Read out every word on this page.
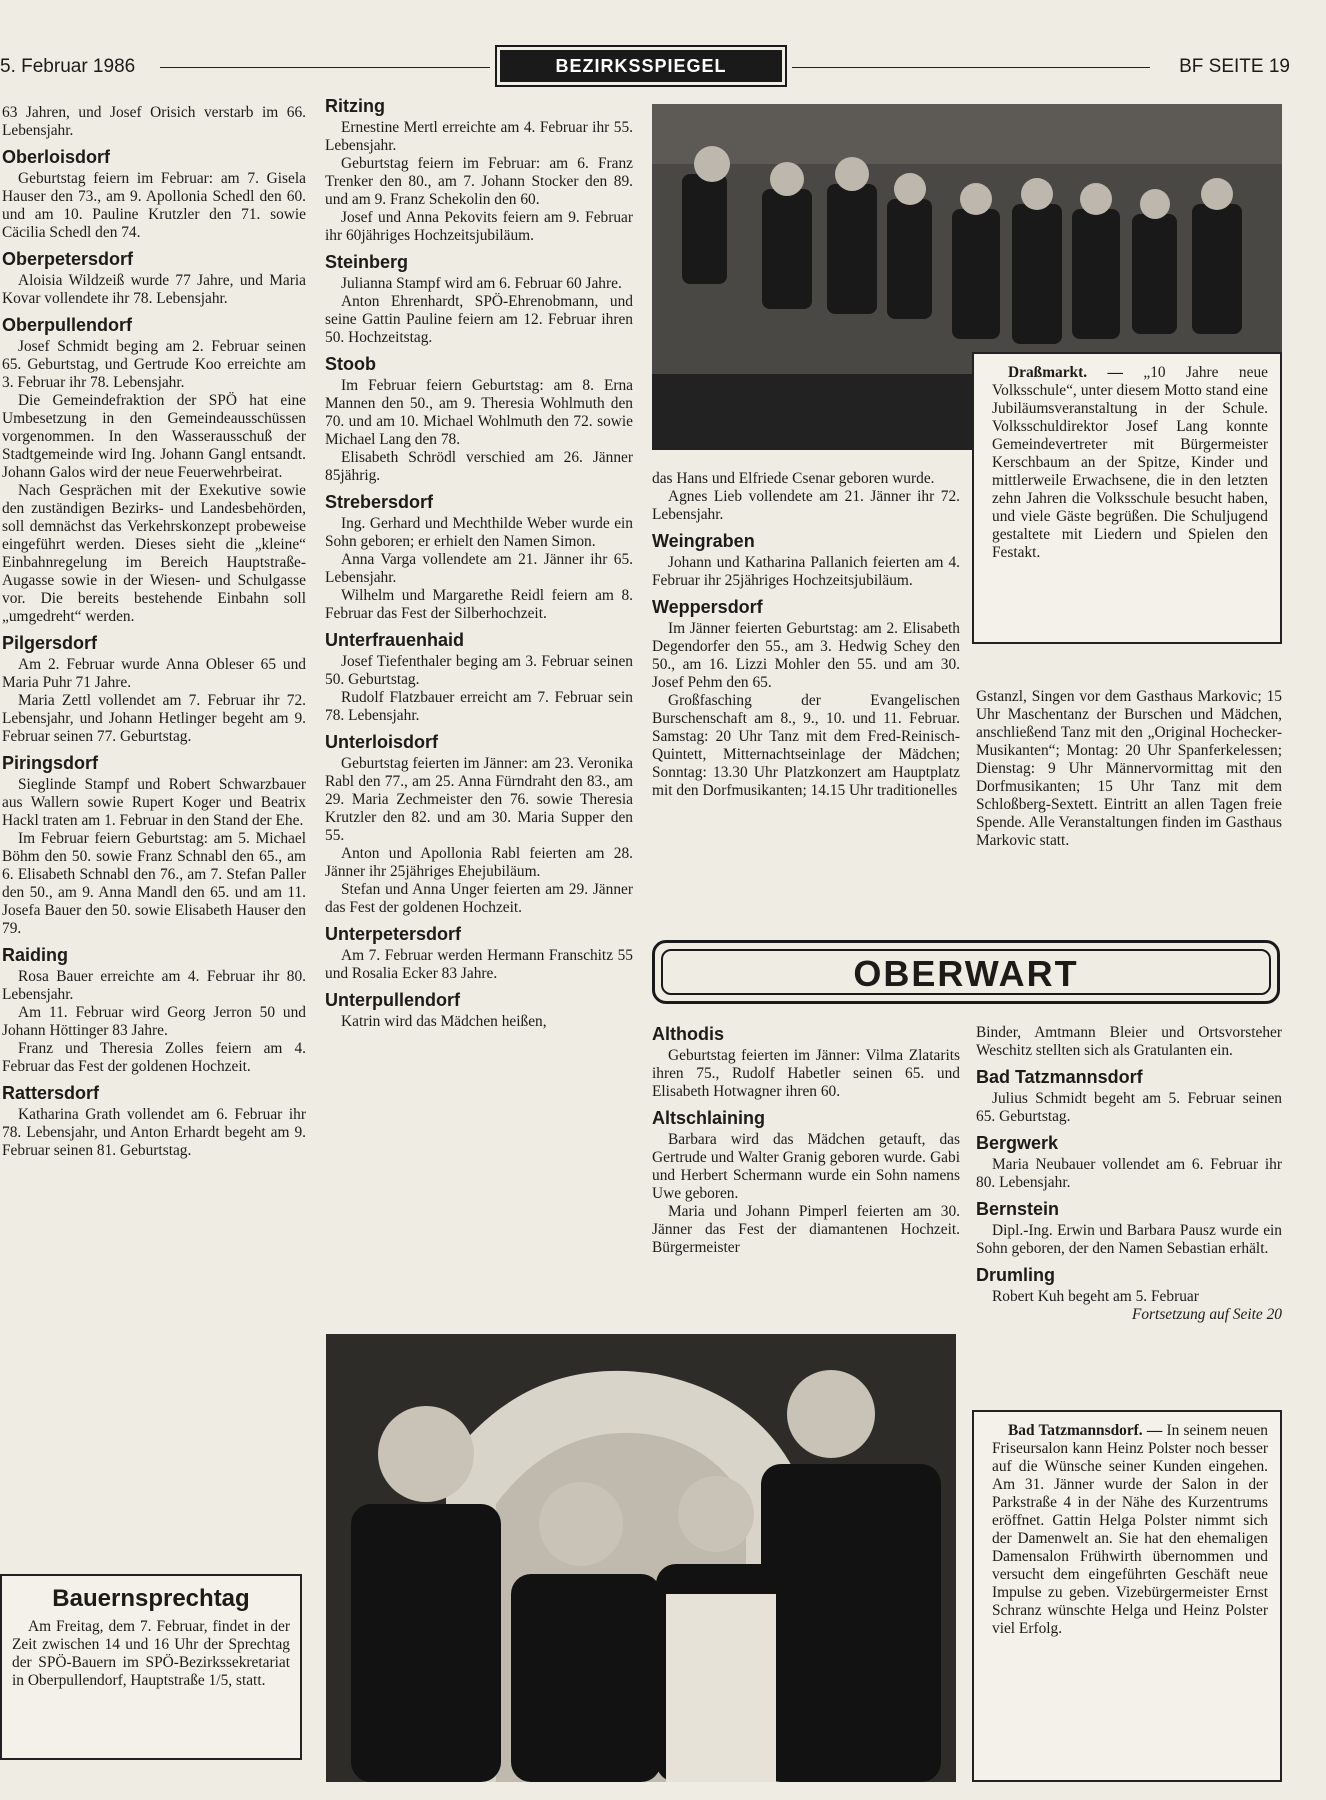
5. Februar 1986	BEZIRKSSPIEGEL	BF SEITE 19

63 Jahren, und Josef Orisich verstarb im 66. Lebensjahr.

Oberloisdorf

Geburtstag feiern im Februar: am 7. Gisela Hauser den 73., am 9. Apollonia Schedl den 60. und am 10. Pauline Krutzler den 71. sowie Cäcilia Schedl den 74.

Oberpetersdorf

Aloisia Wildzeiß wurde 77 Jahre, und Maria Kovar vollendete ihr 78. Lebensjahr.

Oberpullendorf

Josef Schmidt beging am 2. Februar seinen 65. Geburtstag, und Gertrude Koo erreichte am 3. Februar ihr 78. Lebensjahr.

Die Gemeindefraktion der SPÖ hat eine Umbesetzung in den Gemeindeausschüssen vorgenommen. In den Wasserausschuß der Stadtgemeinde wird Ing. Johann Gangl entsandt. Johann Galos wird der neue Feuerwehrbeirat.

Nach Gesprächen mit der Exekutive sowie den zuständigen Bezirks- und Landesbehörden, soll demnächst das Verkehrskonzept probeweise eingeführt werden. Dieses sieht die „kleine“ Einbahnregelung im Bereich Hauptstraße-Augasse sowie in der Wiesen- und Schulgasse vor. Die bereits bestehende Einbahn soll „umgedreht“ werden.

Pilgersdorf

Am 2. Februar wurde Anna Obleser 65 und Maria Puhr 71 Jahre.

Maria Zettl vollendet am 7. Februar ihr 72. Lebensjahr, und Johann Hetlinger begeht am 9. Februar seinen 77. Geburtstag.

Piringsdorf

Sieglinde Stampf und Robert Schwarzbauer aus Wallern sowie Rupert Koger und Beatrix Hackl traten am 1. Februar in den Stand der Ehe.

Im Februar feiern Geburtstag: am 5. Michael Böhm den 50. sowie Franz Schnabl den 65., am 6. Elisabeth Schnabl den 76., am 7. Stefan Paller den 50., am 9. Anna Mandl den 65. und am 11. Josefa Bauer den 50. sowie Elisabeth Hauser den 79.

Raiding

Rosa Bauer erreichte am 4. Februar ihr 80. Lebensjahr.

Am 11. Februar wird Georg Jerron 50 und Johann Höttinger 83 Jahre.

Franz und Theresia Zolles feiern am 4. Februar das Fest der goldenen Hochzeit.

Rattersdorf

Katharina Grath vollendet am 6. Februar ihr 78. Lebensjahr, und Anton Erhardt begeht am 9. Februar seinen 81. Geburtstag.

Bauernsprechtag

Am Freitag, dem 7. Februar, findet in der Zeit zwischen 14 und 16 Uhr der Sprechtag der SPÖ-Bauern im SPÖ-Bezirkssekretariat in Oberpullendorf, Hauptstraße 1/5, statt.

Ritzing

Ernestine Mertl erreichte am 4. Februar ihr 55. Lebensjahr.

Geburtstag feiern im Februar: am 6. Franz Trenker den 80., am 7. Johann Stocker den 89. und am 9. Franz Schekolin den 60.

Josef und Anna Pekovits feiern am 9. Februar ihr 60jähriges Hochzeitsjubiläum.

Steinberg

Julianna Stampf wird am 6. Februar 60 Jahre.

Anton Ehrenhardt, SPÖ-Ehrenobmann, und seine Gattin Pauline feiern am 12. Februar ihren 50. Hochzeitstag.

Stoob

Im Februar feiern Geburtstag: am 8. Erna Mannen den 50., am 9. Theresia Wohlmuth den 70. und am 10. Michael Wohlmuth den 72. sowie Michael Lang den 78.

Elisabeth Schrödl verschied am 26. Jänner 85jährig.

Strebersdorf

Ing. Gerhard und Mechthilde Weber wurde ein Sohn geboren; er erhielt den Namen Simon.

Anna Varga vollendete am 21. Jänner ihr 65. Lebensjahr.

Wilhelm und Margarethe Reidl feiern am 8. Februar das Fest der Silberhochzeit.

Unterfrauenhaid

Josef Tiefenthaler beging am 3. Februar seinen 50. Geburtstag.

Rudolf Flatzbauer erreicht am 7. Februar sein 78. Lebensjahr.

Unterloisdorf

Geburtstag feierten im Jänner: am 23. Veronika Rabl den 77., am 25. Anna Fürndraht den 83., am 29. Maria Zechmeister den 76. sowie Theresia Krutzler den 82. und am 30. Maria Supper den 55.

Anton und Apollonia Rabl feierten am 28. Jänner ihr 25jähriges Ehejubiläum.

Stefan und Anna Unger feierten am 29. Jänner das Fest der goldenen Hochzeit.

Unterpetersdorf

Am 7. Februar werden Hermann Franschitz 55 und Rosalia Ecker 83 Jahre.

Unterpullendorf

Katrin wird das Mädchen heißen,

Draßmarkt. — „10 Jahre neue Volksschule“, unter diesem Motto stand eine Jubiläumsveranstaltung in der Schule. Volksschuldirektor Josef Lang konnte Gemeindevertreter mit Bürgermeister Kerschbaum an der Spitze, Kinder und mittlerweile Erwachsene, die in den letzten zehn Jahren die Volksschule besucht haben, und viele Gäste begrüßen. Die Schuljugend gestaltete mit Liedern und Spielen den Festakt.

das Hans und Elfriede Csenar geboren wurde.

Agnes Lieb vollendete am 21. Jänner ihr 72. Lebensjahr.

Weingraben

Johann und Katharina Pallanich feierten am 4. Februar ihr 25jähriges Hochzeitsjubiläum.

Weppersdorf

Im Jänner feierten Geburtstag: am 2. Elisabeth Degendorfer den 55., am 3. Hedwig Schey den 50., am 16. Lizzi Mohler den 55. und am 30. Josef Pehm den 65.

Großfasching der Evangelischen Burschenschaft am 8., 9., 10. und 11. Februar. Samstag: 20 Uhr Tanz mit dem Fred-Reinisch-Quintett, Mitternachtseinlage der Mädchen; Sonntag: 13.30 Uhr Platzkonzert am Hauptplatz mit den Dorfmusikanten; 14.15 Uhr traditionelles

Gstanzl, Singen vor dem Gasthaus Markovic; 15 Uhr Maschentanz der Burschen und Mädchen, anschließend Tanz mit den „Original Hochecker-Musikanten“; Montag: 20 Uhr Spanferkelessen; Dienstag: 9 Uhr Männervormittag mit den Dorfmusikanten; 15 Uhr Tanz mit dem Schloßberg-Sextett. Eintritt an allen Tagen freie Spende. Alle Veranstaltungen finden im Gasthaus Markovic statt.

OBERWART
Althodis

Geburtstag feierten im Jänner: Vilma Zlatarits ihren 75., Rudolf Habetler seinen 65. und Elisabeth Hotwagner ihren 60.

Altschlaining

Barbara wird das Mädchen getauft, das Gertrude und Walter Granig geboren wurde. Gabi und Herbert Schermann wurde ein Sohn namens Uwe geboren.

Maria und Johann Pimperl feierten am 30. Jänner das Fest der diamantenen Hochzeit. Bürgermeister

Binder, Amtmann Bleier und Ortsvorsteher Weschitz stellten sich als Gratulanten ein.

Bad Tatzmannsdorf

Julius Schmidt begeht am 5. Februar seinen 65. Geburtstag.

Bergwerk

Maria Neubauer vollendet am 6. Februar ihr 80. Lebensjahr.

Bernstein

Dipl.-Ing. Erwin und Barbara Pausz wurde ein Sohn geboren, der den Namen Sebastian erhält.

Drumling

Robert Kuh begeht am 5. Februar

Fortsetzung auf Seite 20

Bad Tatzmannsdorf. — In seinem neuen Friseursalon kann Heinz Polster noch besser auf die Wünsche seiner Kunden eingehen. Am 31. Jänner wurde der Salon in der Parkstraße 4 in der Nähe des Kurzentrums eröffnet. Gattin Helga Polster nimmt sich der Damenwelt an. Sie hat den ehemaligen Damensalon Frühwirth übernommen und versucht dem eingeführten Geschäft neue Impulse zu geben. Vizebürgermeister Ernst Schranz wünschte Helga und Heinz Polster viel Erfolg.
